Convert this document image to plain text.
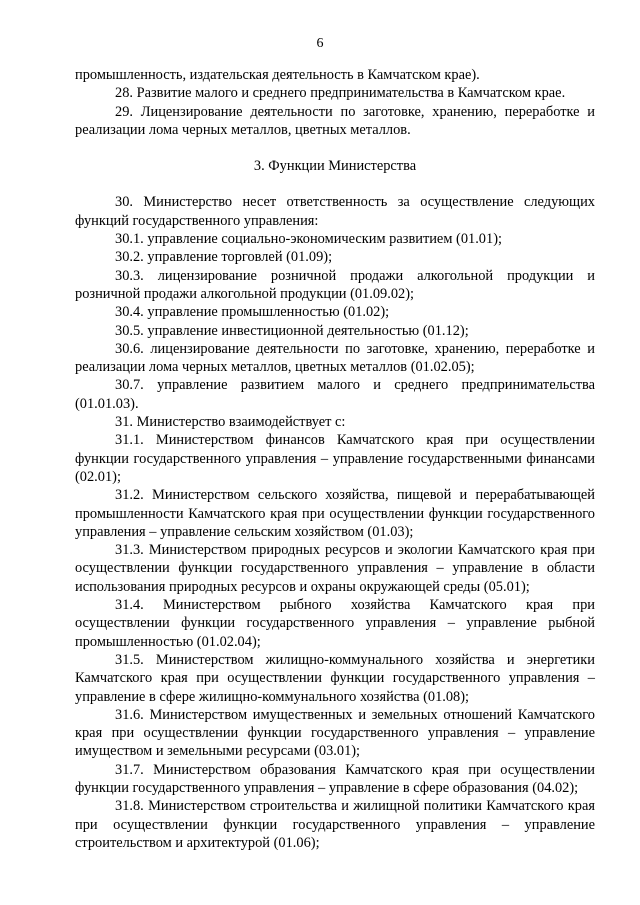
6

промышленность, издательская деятельность в Камчатском крае).

28. Развитие малого и среднего предпринимательства в Камчатском крае.

29. Лицензирование деятельности по заготовке, хранению, переработке и реализации лома черных металлов, цветных металлов.

3. Функции Министерства

30. Министерство несет ответственность за осуществление следующих функций государственного управления:

30.1. управление социально-экономическим развитием (01.01);

30.2. управление торговлей (01.09);

30.3. лицензирование розничной продажи алкогольной продукции и розничной продажи алкогольной продукции (01.09.02);

30.4. управление промышленностью (01.02);

30.5. управление инвестиционной деятельностью (01.12);

30.6. лицензирование деятельности по заготовке, хранению, переработке и реализации лома черных металлов, цветных металлов (01.02.05);

30.7. управление развитием малого и среднего предпринимательства (01.01.03).

31. Министерство взаимодействует с:

31.1. Министерством финансов Камчатского края при осуществлении функции государственного управления – управление государственными финансами (02.01);

31.2. Министерством сельского хозяйства, пищевой и перерабатывающей промышленности Камчатского края при осуществлении функции государственного управления – управление сельским хозяйством (01.03);

31.3. Министерством природных ресурсов и экологии Камчатского края при осуществлении функции государственного управления – управление в области использования природных ресурсов и охраны окружающей среды (05.01);

31.4. Министерством рыбного хозяйства Камчатского края при осуществлении функции государственного управления – управление рыбной промышленностью (01.02.04);

31.5. Министерством жилищно-коммунального хозяйства и энергетики Камчатского края при осуществлении функции государственного управления – управление в сфере жилищно-коммунального хозяйства (01.08);

31.6. Министерством имущественных и земельных отношений Камчатского края при осуществлении функции государственного управления – управление имуществом и земельными ресурсами (03.01);

31.7. Министерством образования Камчатского края при осуществлении функции государственного управления – управление в сфере образования (04.02);

31.8. Министерством строительства и жилищной политики Камчатского края при осуществлении функции государственного управления – управление строительством и архитектурой (01.06);
